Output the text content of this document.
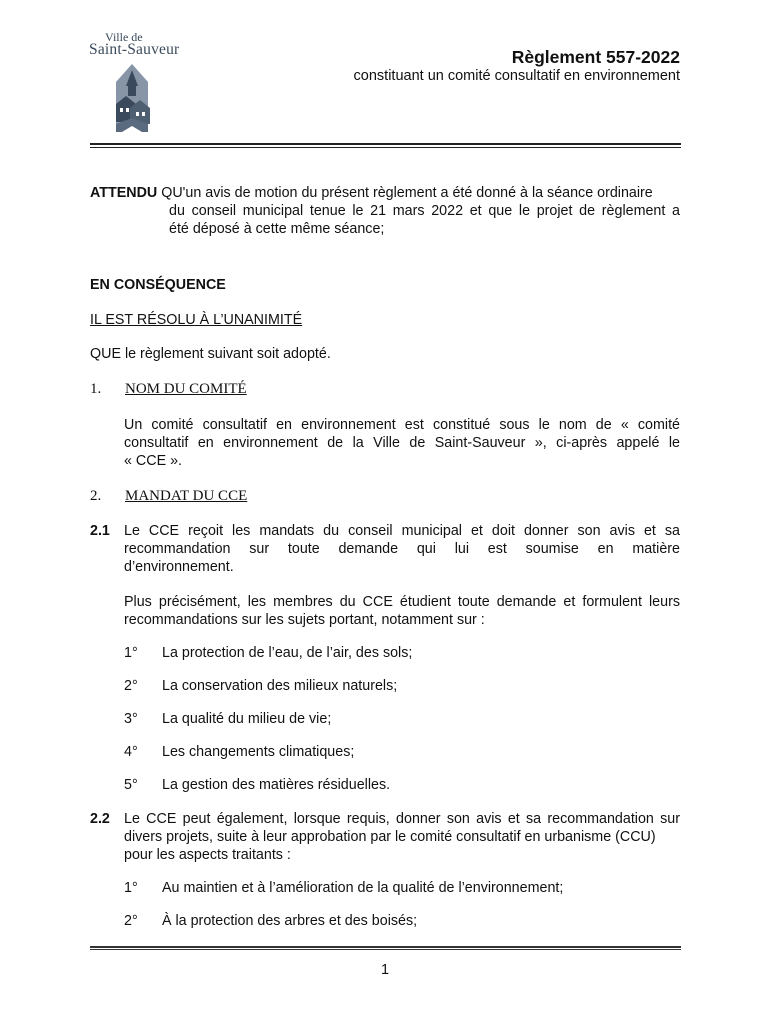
Ville de
Saint-Sauveur	Règlement 557-2022
constituant un comité consultatif en environnement
ATTENDU QU'un avis de motion du présent règlement a été donné à la séance ordinaire
du conseil municipal tenue le 21 mars 2022 et que le projet de règlement a
été déposé à cette même séance;
EN CONSÉQUENCE
IL EST RÉSOLU À L’UNANIMITÉ
QUE le règlement suivant soit adopté.
1. NOM DU COMITÉ
Un comité consultatif en environnement est constitué sous le nom de « comité
consultatif en environnement de la Ville de Saint-Sauveur », ci-après appelé le
« CCE ».
2. MANDAT DU CCE
2.1 Le CCE reçoit les mandats du conseil municipal et doit donner son avis et sa
recommandation sur toute demande qui lui est soumise en matière
d’environnement.
Plus précisément, les membres du CCE étudient toute demande et formulent leurs
recommandations sur les sujets portant, notamment sur :
1° La protection de l’eau, de l’air, des sols;
2° La conservation des milieux naturels;
3° La qualité du milieu de vie;
4° Les changements climatiques;
5° La gestion des matières résiduelles.
2.2 Le CCE peut également, lorsque requis, donner son avis et sa recommandation sur
divers projets, suite à leur approbation par le comité consultatif en urbanisme (CCU)
pour les aspects traitants :
1° Au maintien et à l’amélioration de la qualité de l’environnement;
2° À la protection des arbres et des boisés;
1
